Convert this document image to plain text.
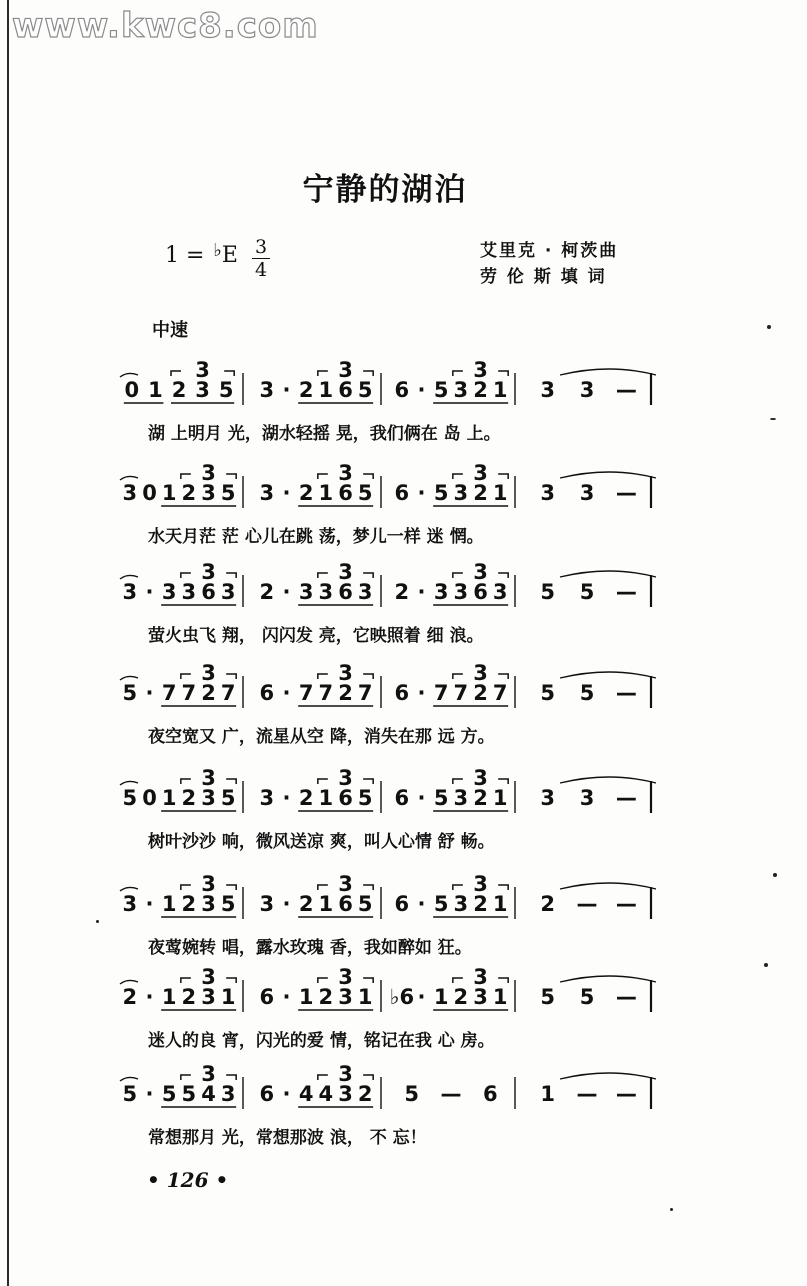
www.kwc8.com
宁静的湖泊
$1 = ^♭E \frac{3}{4}$	艾里克 · 柯茨曲
劳 伦 斯 填 词
中速
0 1 2 3 5
3
3 · 2 1 6 5
3
6 · 5 3 2 1
3
3 3 —
3 0 1 2 3 5
3
3 · 2 1 6 5
3
6 · 5 3 2 1
3
3 3 —
3 · 3 3 6 3
3
2 · 3 3 6 3
3
2 · 3 3 6 3
3
5 5 —
5 · 7 7 2 7
3
6 · 7 7 2 7
3
6 · 7 7 2 7
3
5 5 —
5 0 1 2 3 5
3
3 · 2 1 6 5
3
6 · 5 3 2 1
3
3 3 —
3 · 1 2 3 5
3
3 · 2 1 6 5
3
6 · 5 3 2 1
3
2 — —
2 · 1 2 3 1
3
6 · 1 2 3 1
3
♭6 · 1 2 3 1
3
5 5 —
5 · 5 5 4 3
3
6 · 4 4 3 2
3
5 — 6 1 — —
湖 上明月 光，湖水轻摇 晃，我们俩在 岛 上。
水天月茫 茫 心儿在跳 荡，梦儿一样 迷 惘。
萤火虫飞 翔， 闪闪发 亮，它映照着 细 浪。
夜空宽又 广，流星从空 降，消失在那 远 方。
树叶沙沙 响，微风送凉 爽，叫人心情 舒 畅。
夜莺婉转 唱，露水玫瑰 香，我如醉如 狂。
迷人的良 宵，闪光的爱 情，铭记在我 心 房。
常想那月 光，常想那波 浪， 不 忘！
• 126 •
